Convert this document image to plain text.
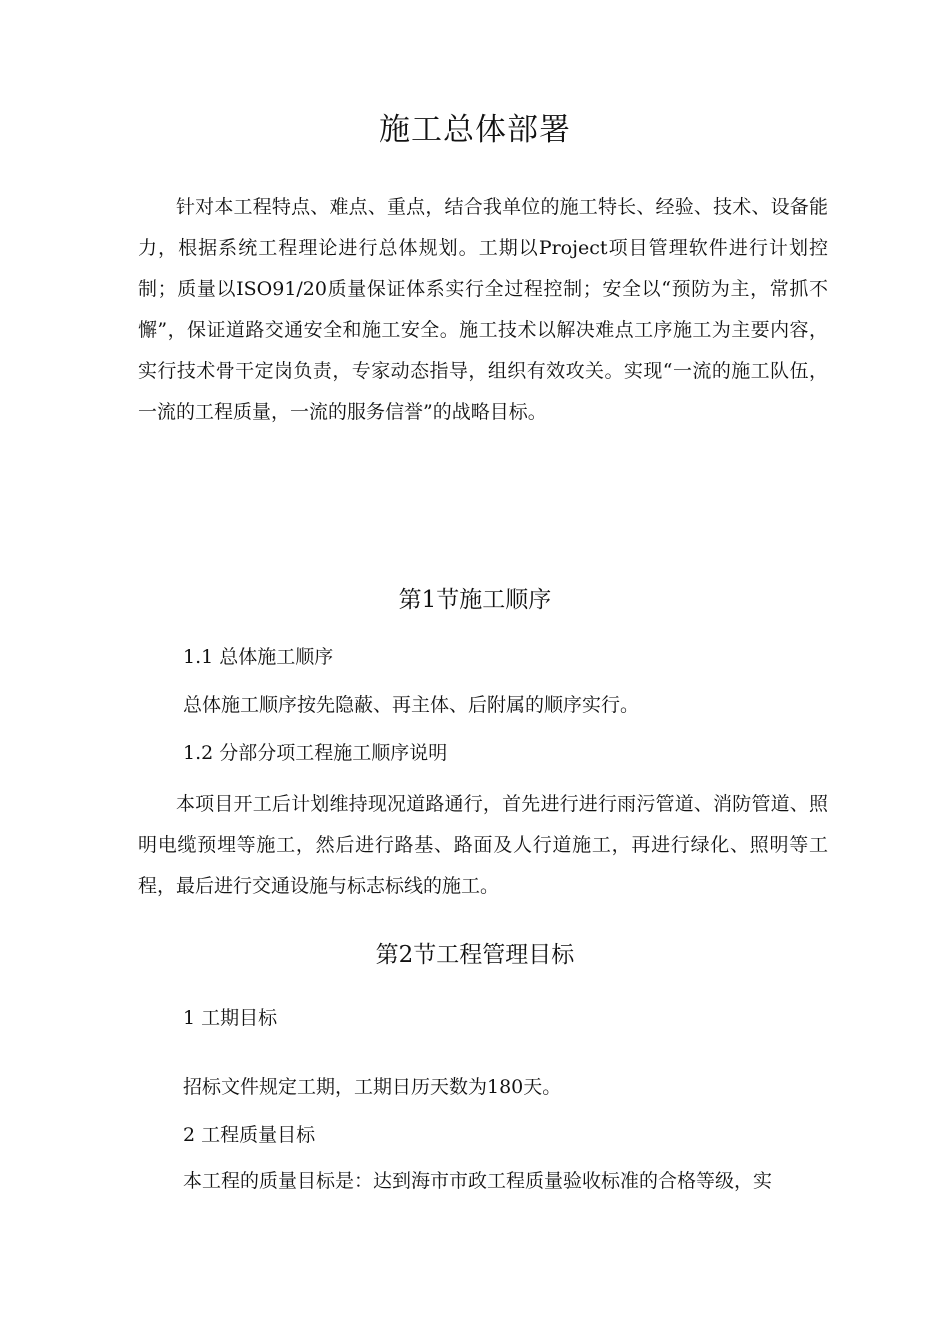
施工总体部署

针对本工程特点、难点、重点，结合我单位的施工特长、经验、技术、设备能力，根据系统工程理论进行总体规划。工期以Project项目管理软件进行计划控制；质量以ISO91/20质量保证体系实行全过程控制；安全以“预防为主，常抓不懈”，保证道路交通安全和施工安全。施工技术以解决难点工序施工为主要内容，实行技术骨干定岗负责，专家动态指导，组织有效攻关。实现“一流的施工队伍，一流的工程质量，一流的服务信誉”的战略目标。

第1节施工顺序
1.1 总体施工顺序
总体施工顺序按先隐蔽、再主体、后附属的顺序实行。
1.2 分部分项工程施工顺序说明

本项目开工后计划维持现况道路通行，首先进行进行雨污管道、消防管道、照明电缆预埋等施工，然后进行路基、路面及人行道施工，再进行绿化、照明等工程，最后进行交通设施与标志标线的施工。

第2节工程管理目标
1 工期目标
招标文件规定工期，工期日历天数为180天。
2 工程质量目标
本工程的质量目标是：达到海市市政工程质量验收标准的合格等级，实
